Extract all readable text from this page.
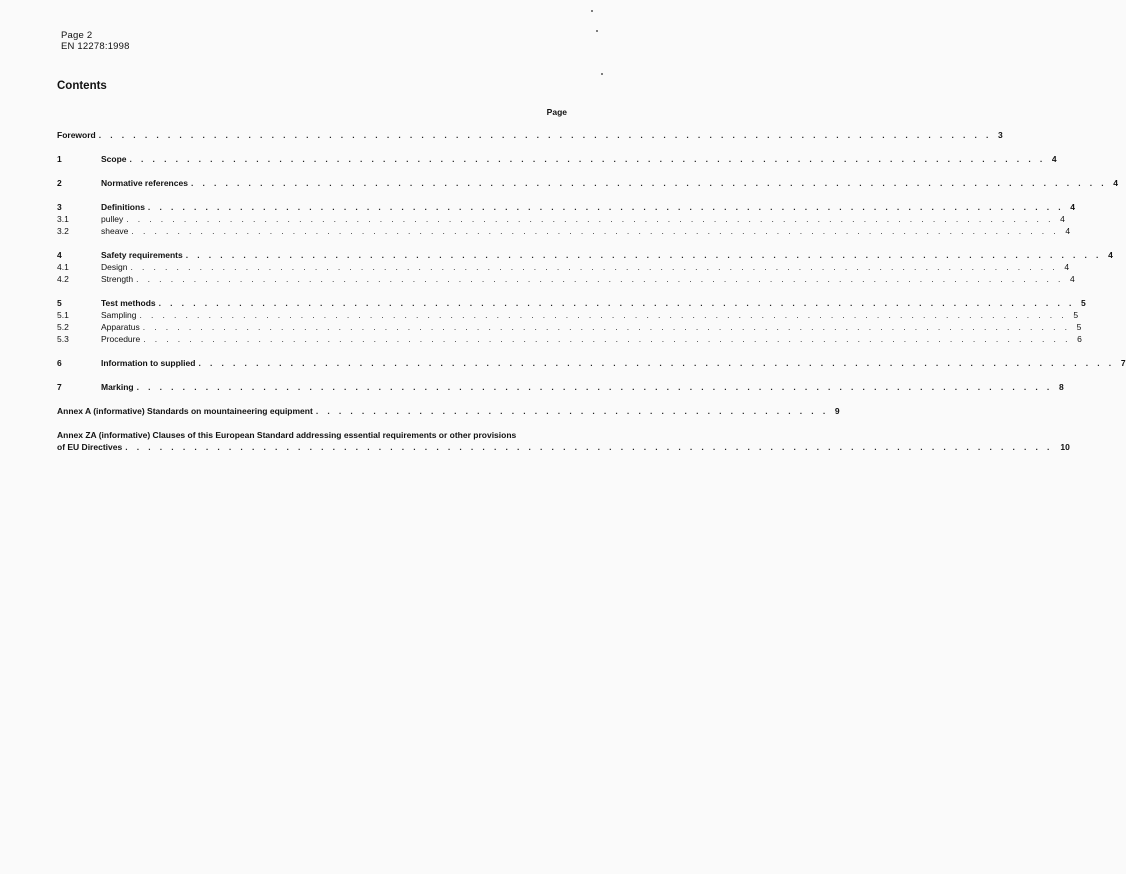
Page 2
EN 12278:1998
Contents
Page
Foreword . . . . . . . . . . . . . . . . . . . . . . . . . . . . . . . . . . . . . . . . . . . . . . . . . . . . . . . . . . . . . . . . . . . . . . . . . . . . . . 3
1	Scope . . . . . . . . . . . . . . . . . . . . . . . . . . . . . . . . . . . . . . . . . . . . . . . . . . . . . . . . . . . . . . . . . . . . . . . . . . . . . . . . 4
2	Normative references . . . . . . . . . . . . . . . . . . . . . . . . . . . . . . . . . . . . . . . . . . . . . . . . . . . . . . . . . . . . . . . . . . . . . . . . . . . . . . . . 4
3	Definitions . . . . . . . . . . . . . . . . . . . . . . . . . . . . . . . . . . . . . . . . . . . . . . . . . . . . . . . . . . . . . . . . . . . . . . . . . . . . . . . . 4
3.1	pulley . . . . . . . . . . . . . . . . . . . . . . . . . . . . . . . . . . . . . . . . . . . . . . . . . . . . . . . . . . . . . . . . . . . . . . . . . . . . . . . . . 4
3.2	sheave . . . . . . . . . . . . . . . . . . . . . . . . . . . . . . . . . . . . . . . . . . . . . . . . . . . . . . . . . . . . . . . . . . . . . . . . . . . . . . . . . 4
4	Safety requirements . . . . . . . . . . . . . . . . . . . . . . . . . . . . . . . . . . . . . . . . . . . . . . . . . . . . . . . . . . . . . . . . . . . . . . . . . . . . . . . . 4
4.1	Design . . . . . . . . . . . . . . . . . . . . . . . . . . . . . . . . . . . . . . . . . . . . . . . . . . . . . . . . . . . . . . . . . . . . . . . . . . . . . . . . . 4
4.2	Strength . . . . . . . . . . . . . . . . . . . . . . . . . . . . . . . . . . . . . . . . . . . . . . . . . . . . . . . . . . . . . . . . . . . . . . . . . . . . . . . . . 4
5	Test methods . . . . . . . . . . . . . . . . . . . . . . . . . . . . . . . . . . . . . . . . . . . . . . . . . . . . . . . . . . . . . . . . . . . . . . . . . . . . . . . . 5
5.1	Sampling . . . . . . . . . . . . . . . . . . . . . . . . . . . . . . . . . . . . . . . . . . . . . . . . . . . . . . . . . . . . . . . . . . . . . . . . . . . . . . . . . 5
5.2	Apparatus . . . . . . . . . . . . . . . . . . . . . . . . . . . . . . . . . . . . . . . . . . . . . . . . . . . . . . . . . . . . . . . . . . . . . . . . . . . . . . . . . 5
5.3	Procedure . . . . . . . . . . . . . . . . . . . . . . . . . . . . . . . . . . . . . . . . . . . . . . . . . . . . . . . . . . . . . . . . . . . . . . . . . . . . . . . . . 6
6	Information to supplied . . . . . . . . . . . . . . . . . . . . . . . . . . . . . . . . . . . . . . . . . . . . . . . . . . . . . . . . . . . . . . . . . . . . . . . . . . . . . . . . 7
7	Marking . . . . . . . . . . . . . . . . . . . . . . . . . . . . . . . . . . . . . . . . . . . . . . . . . . . . . . . . . . . . . . . . . . . . . . . . . . . . . . . . 8
Annex A (informative) Standards on mountaineering equipment . . . . . . . . . . . . . . . . . . . . . . . . . . . . . . . . . . . . . . . . . . . . . 9
Annex ZA (informative) Clauses of this European Standard addressing essential requirements or other provisions
of EU Directives . . . . . . . . . . . . . . . . . . . . . . . . . . . . . . . . . . . . . . . . . . . . . . . . . . . . . . . . . . . . . . . . . . . . . . . . . . . . . . . . . 10
